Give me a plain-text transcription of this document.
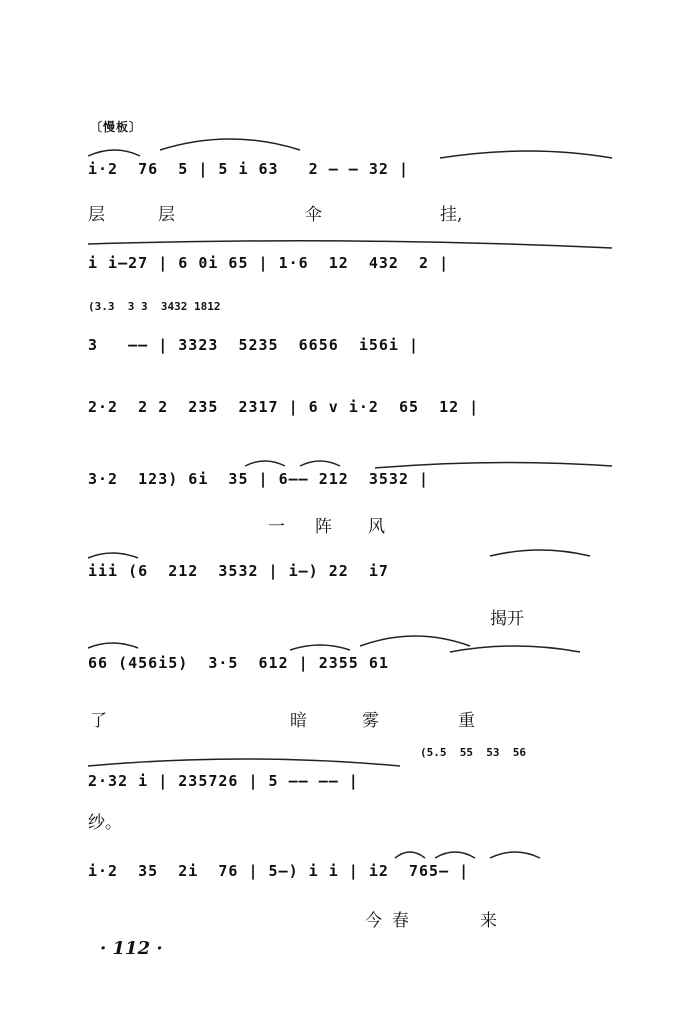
〔慢板〕
i·2  76  5 | 5 i 63   2 — — 32 |
层	层	伞	挂,
i i—27 | 6 0i 65 | 1·6  12  432  2 |
(3.3  3 3  3432 1812
3   —— | 3323  5235  6656  i56i |
2·2  2 2  235  2317 | 6 v i·2  65  12 |
3·2  123) 6i  35 | 6—— 212  3532 |
一 阵 风
iii (6  212  3532 | i—) 22  i7
揭开
66 (456i5)  3·5  612 | 2355 61
了	暗	雾	重
(5.5  55  53  56
2·32 i | 235726 | 5 —— —— |
纱。
i·2  35  2i  76 | 5—) i i | i2  765— |
今 春	来
· 112 ·
